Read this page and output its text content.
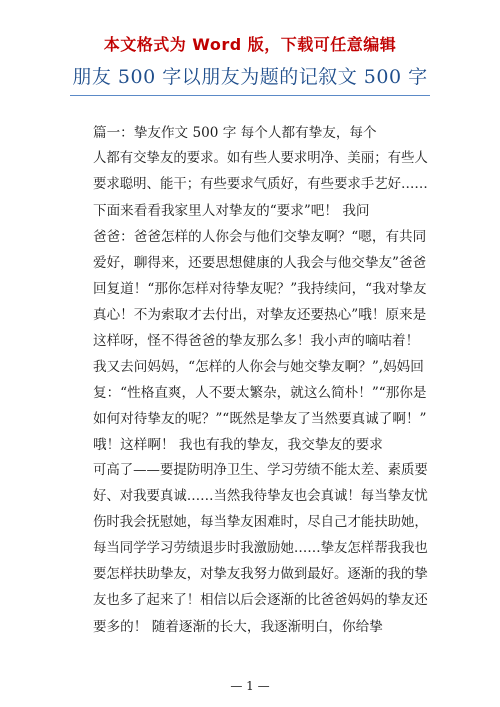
本文格式为 Word 版，下载可任意编辑
朋友 500 字以朋友为题的记叙文 500 字
篇一：挚友作文 500 字 每个人都有挚友，每个
人都有交挚友的要求。如有些人要求明净、美丽；有些人
要求聪明、能干；有些要求气质好，有些要求手艺好……
下面来看看我家里人对挚友的“要求”吧！ 我问
爸爸：爸爸怎样的人你会与他们交挚友啊？“嗯，有共同
爱好，聊得来，还要思想健康的人我会与他交挚友”爸爸
回复道！“那你怎样对待挚友呢？”我持续问，“我对挚友
真心！不为索取才去付出，对挚友还要热心”哦！原来是
这样呀，怪不得爸爸的挚友那么多！我小声的嘀咕着！
我又去问妈妈，“怎样的人你会与她交挚友啊？”,妈妈回
复：“性格直爽，人不要太繁杂，就这么简朴！”“那你是
如何对待挚友的呢？”“既然是挚友了当然要真诚了啊！”
哦！这样啊！ 我也有我的挚友，我交挚友的要求
可高了——要提防明净卫生、学习劳绩不能太差、素质要
好、对我要真诚……当然我待挚友也会真诚！每当挚友忧
伤时我会抚慰她，每当挚友困难时，尽自己才能扶助她，
每当同学学习劳绩退步时我激励她……挚友怎样帮我我也
要怎样扶助挚友，对挚友我努力做到最好。逐渐的我的挚
友也多了起来了！相信以后会逐渐的比爸爸妈妈的挚友还
要多的！ 随着逐渐的长大，我逐渐明白，你给挚
— 1 —
